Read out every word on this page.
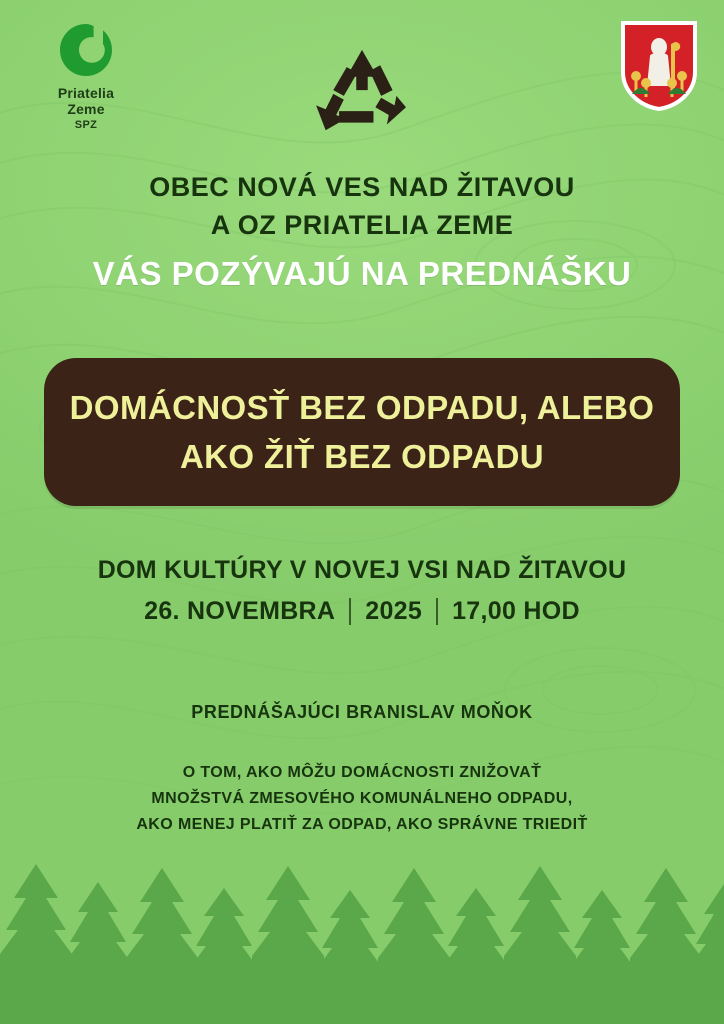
Priatelia
Zeme
SPZ
OBEC NOVÁ VES NAD ŽITAVOU
A OZ PRIATELIA ZEME
VÁS POZÝVAJÚ NA PREDNÁŠKU
DOMÁCNOSŤ BEZ ODPADU, ALEBO
AKO ŽIŤ BEZ ODPADU
DOM KULTÚRY V NOVEJ VSI NAD ŽITAVOU
26. NOVEMBRA 2025 17,00 HOD
PREDNÁŠAJÚCI BRANISLAV MOŇOK
O TOM, AKO MÔŽU DOMÁCNOSTI ZNIŽOVAŤ
MNOŽSTVÁ ZMESOVÉHO KOMUNÁLNEHO ODPADU,
AKO MENEJ PLATIŤ ZA ODPAD, AKO SPRÁVNE TRIEDIŤ
